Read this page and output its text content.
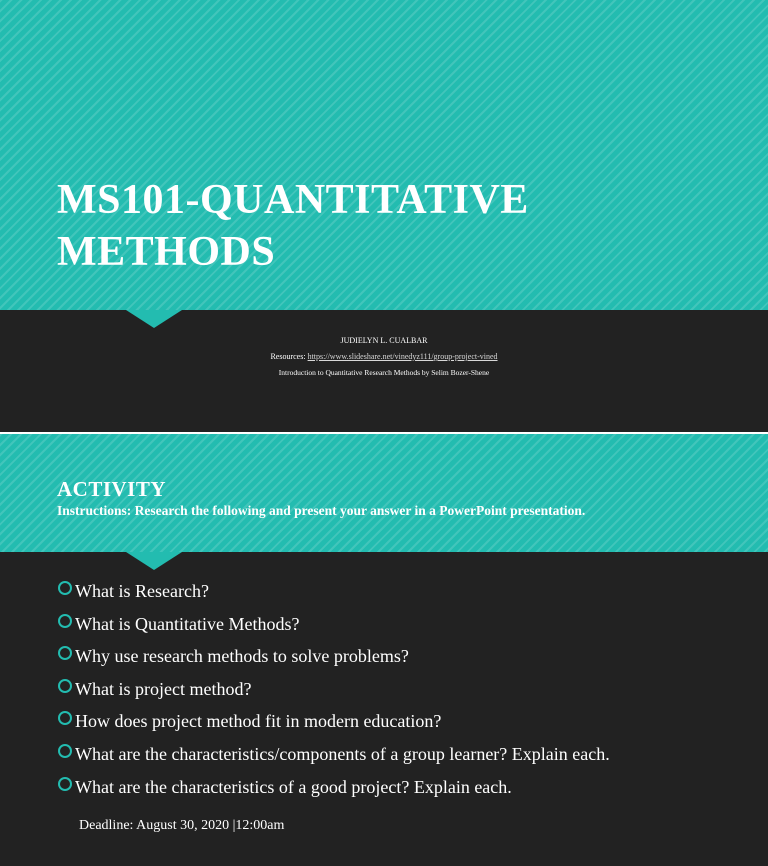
MS101-QUANTITATIVE
METHODS
JUDIELYN L. CUALBAR
Resources: https://www.slideshare.net/vinedyz111/group-project-vined
Introduction to Quantitative Research Methods by Selim Bozer-Shene
ACTIVITY

Instructions: Research the following and present your answer in a PowerPoint presentation.

What is Research?
What is Quantitative Methods?
Why use research methods to solve problems?
What is project method?
How does project method fit in modern education?
What are the characteristics/components of a group learner? Explain each.
What are the characteristics of a good project? Explain each.

Deadline: August 30, 2020 |12:00am
